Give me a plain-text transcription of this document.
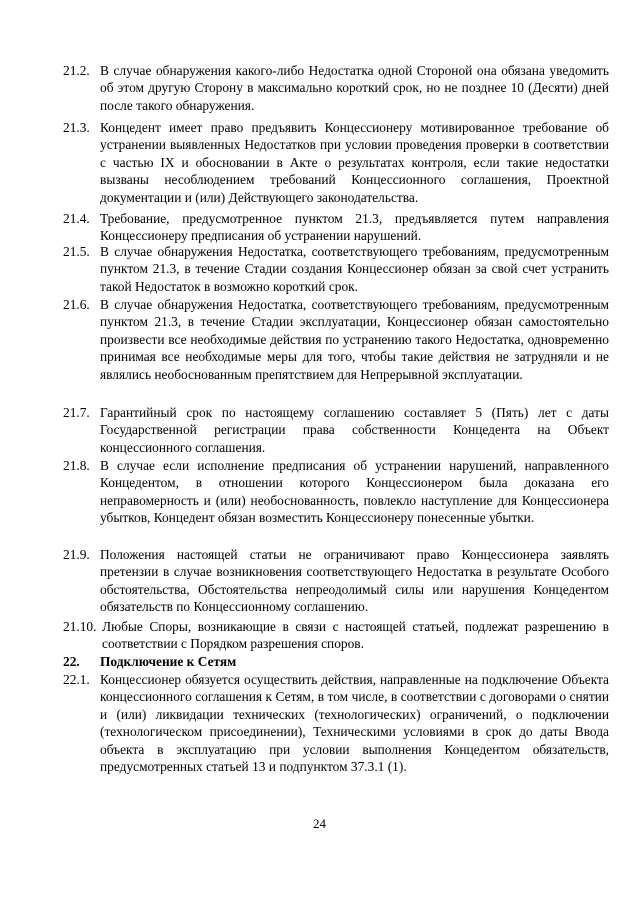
21.2. В случае обнаружения какого-либо Недостатка одной Стороной она обязана уведомить об этом другую Сторону в максимально короткий срок, но не позднее 10 (Десяти) дней после такого обнаружения.
21.3. Концедент имеет право предъявить Концессионеру мотивированное требование об устранении выявленных Недостатков при условии проведения проверки в соответствии с частью IX и обосновании в Акте о результатах контроля, если такие недостатки вызваны несоблюдением требований Концессионного соглашения, Проектной документации и (или) Действующего законодательства.
21.4. Требование, предусмотренное пунктом 21.3, предъявляется путем направления Концессионеру предписания об устранении нарушений.
21.5. В случае обнаружения Недостатка, соответствующего требованиям, предусмотренным пунктом 21.3, в течение Стадии создания Концессионер обязан за свой счет устранить такой Недостаток в возможно короткий срок.
21.6. В случае обнаружения Недостатка, соответствующего требованиям, предусмотренным пунктом 21.3, в течение Стадии эксплуатации, Концессионер обязан самостоятельно произвести все необходимые действия по устранению такого Недостатка, одновременно принимая все необходимые меры для того, чтобы такие действия не затрудняли и не являлись необоснованным препятствием для Непрерывной эксплуатации.
21.7. Гарантийный срок по настоящему соглашению составляет 5 (Пять) лет с даты Государственной регистрации права собственности Концедента на Объект концессионного соглашения.
21.8. В случае если исполнение предписания об устранении нарушений, направленного Концедентом, в отношении которого Концессионером была доказана его неправомерность и (или) необоснованность, повлекло наступление для Концессионера убытков, Концедент обязан возместить Концессионеру понесенные убытки.
21.9. Положения настоящей статьи не ограничивают право Концессионера заявлять претензии в случае возникновения соответствующего Недостатка в результате Особого обстоятельства, Обстоятельства непреодолимый силы или нарушения Концедентом обязательств по Концессионному соглашению.
21.10. Любые Споры, возникающие в связи с настоящей статьей, подлежат разрешению в соответствии с Порядком разрешения споров.
22. Подключение к Сетям
22.1. Концессионер обязуется осуществить действия, направленные на подключение Объекта концессионного соглашения к Сетям, в том числе, в соответствии с договорами о снятии и (или) ликвидации технических (технологических) ограничений, о подключении (технологическом присоединении), Техническими условиями в срок до даты Ввода объекта в эксплуатацию при условии выполнения Концедентом обязательств, предусмотренных статьей 13 и подпунктом 37.3.1 (1).
24
